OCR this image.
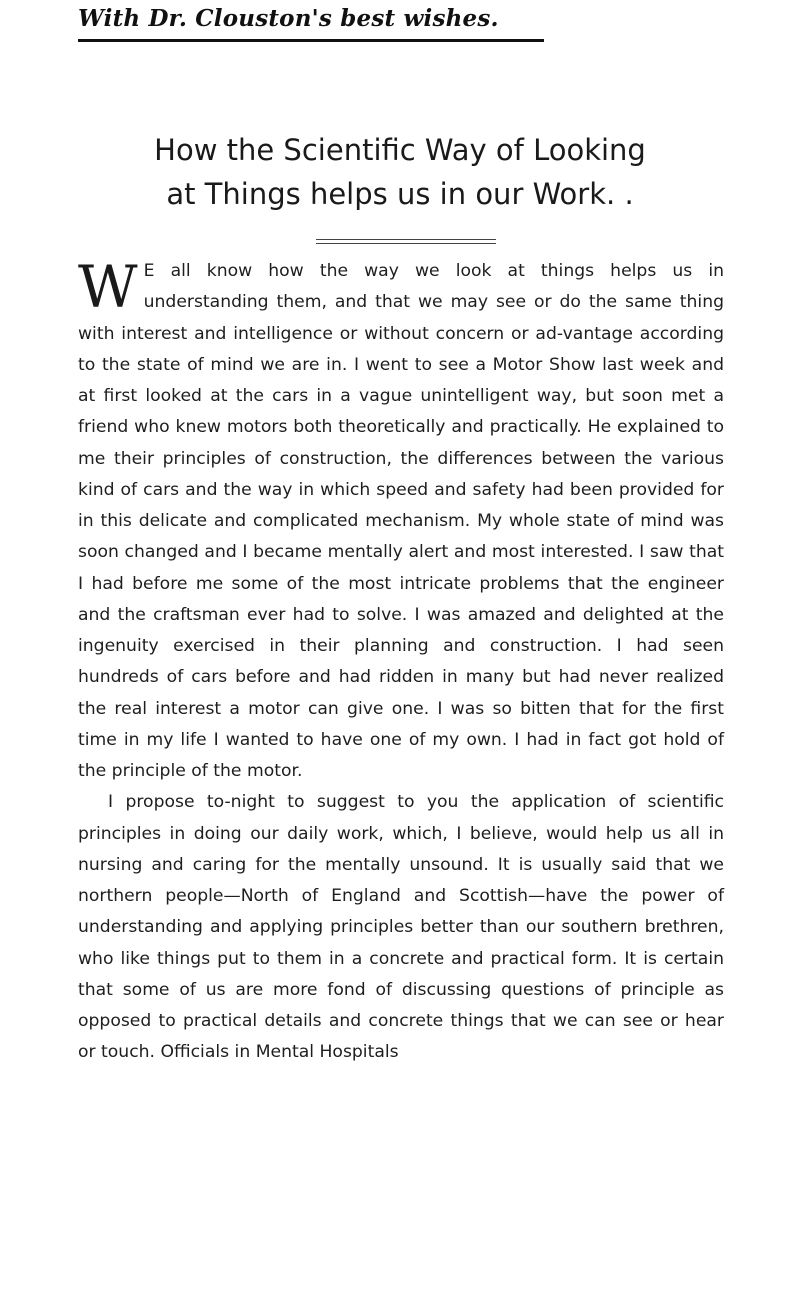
With Dr. Clouston's best wishes.
How the Scientific Way of Looking
at Things helps us in our Work. .
W E all know how the way we look at things helps us in understanding them, and that we may see or do the same thing with interest and intelligence or without concern or ad-vantage according to the state of mind we are in. I went to see a Motor Show last week and at first looked at the cars in a vague unintelligent way, but soon met a friend who knew motors both theoretically and practically. He explained to me their principles of construction, the differences between the various kind of cars and the way in which speed and safety had been provided for in this delicate and complicated mechanism. My whole state of mind was soon changed and I became mentally alert and most interested. I saw that I had before me some of the most intricate problems that the engineer and the craftsman ever had to solve. I was amazed and delighted at the ingenuity exercised in their planning and construction. I had seen hundreds of cars before and had ridden in many but had never realized the real interest a motor can give one. I was so bitten that for the first time in my life I wanted to have one of my own. I had in fact got hold of the principle of the motor.

I propose to-night to suggest to you the application of scientific principles in doing our daily work, which, I believe, would help us all in nursing and caring for the mentally unsound. It is usually said that we northern people—North of England and Scottish—have the power of understanding and applying principles better than our southern brethren, who like things put to them in a concrete and practical form. It is certain that some of us are more fond of discussing questions of principle as opposed to practical details and concrete things that we can see or hear or touch. Officials in Mental Hospitals
